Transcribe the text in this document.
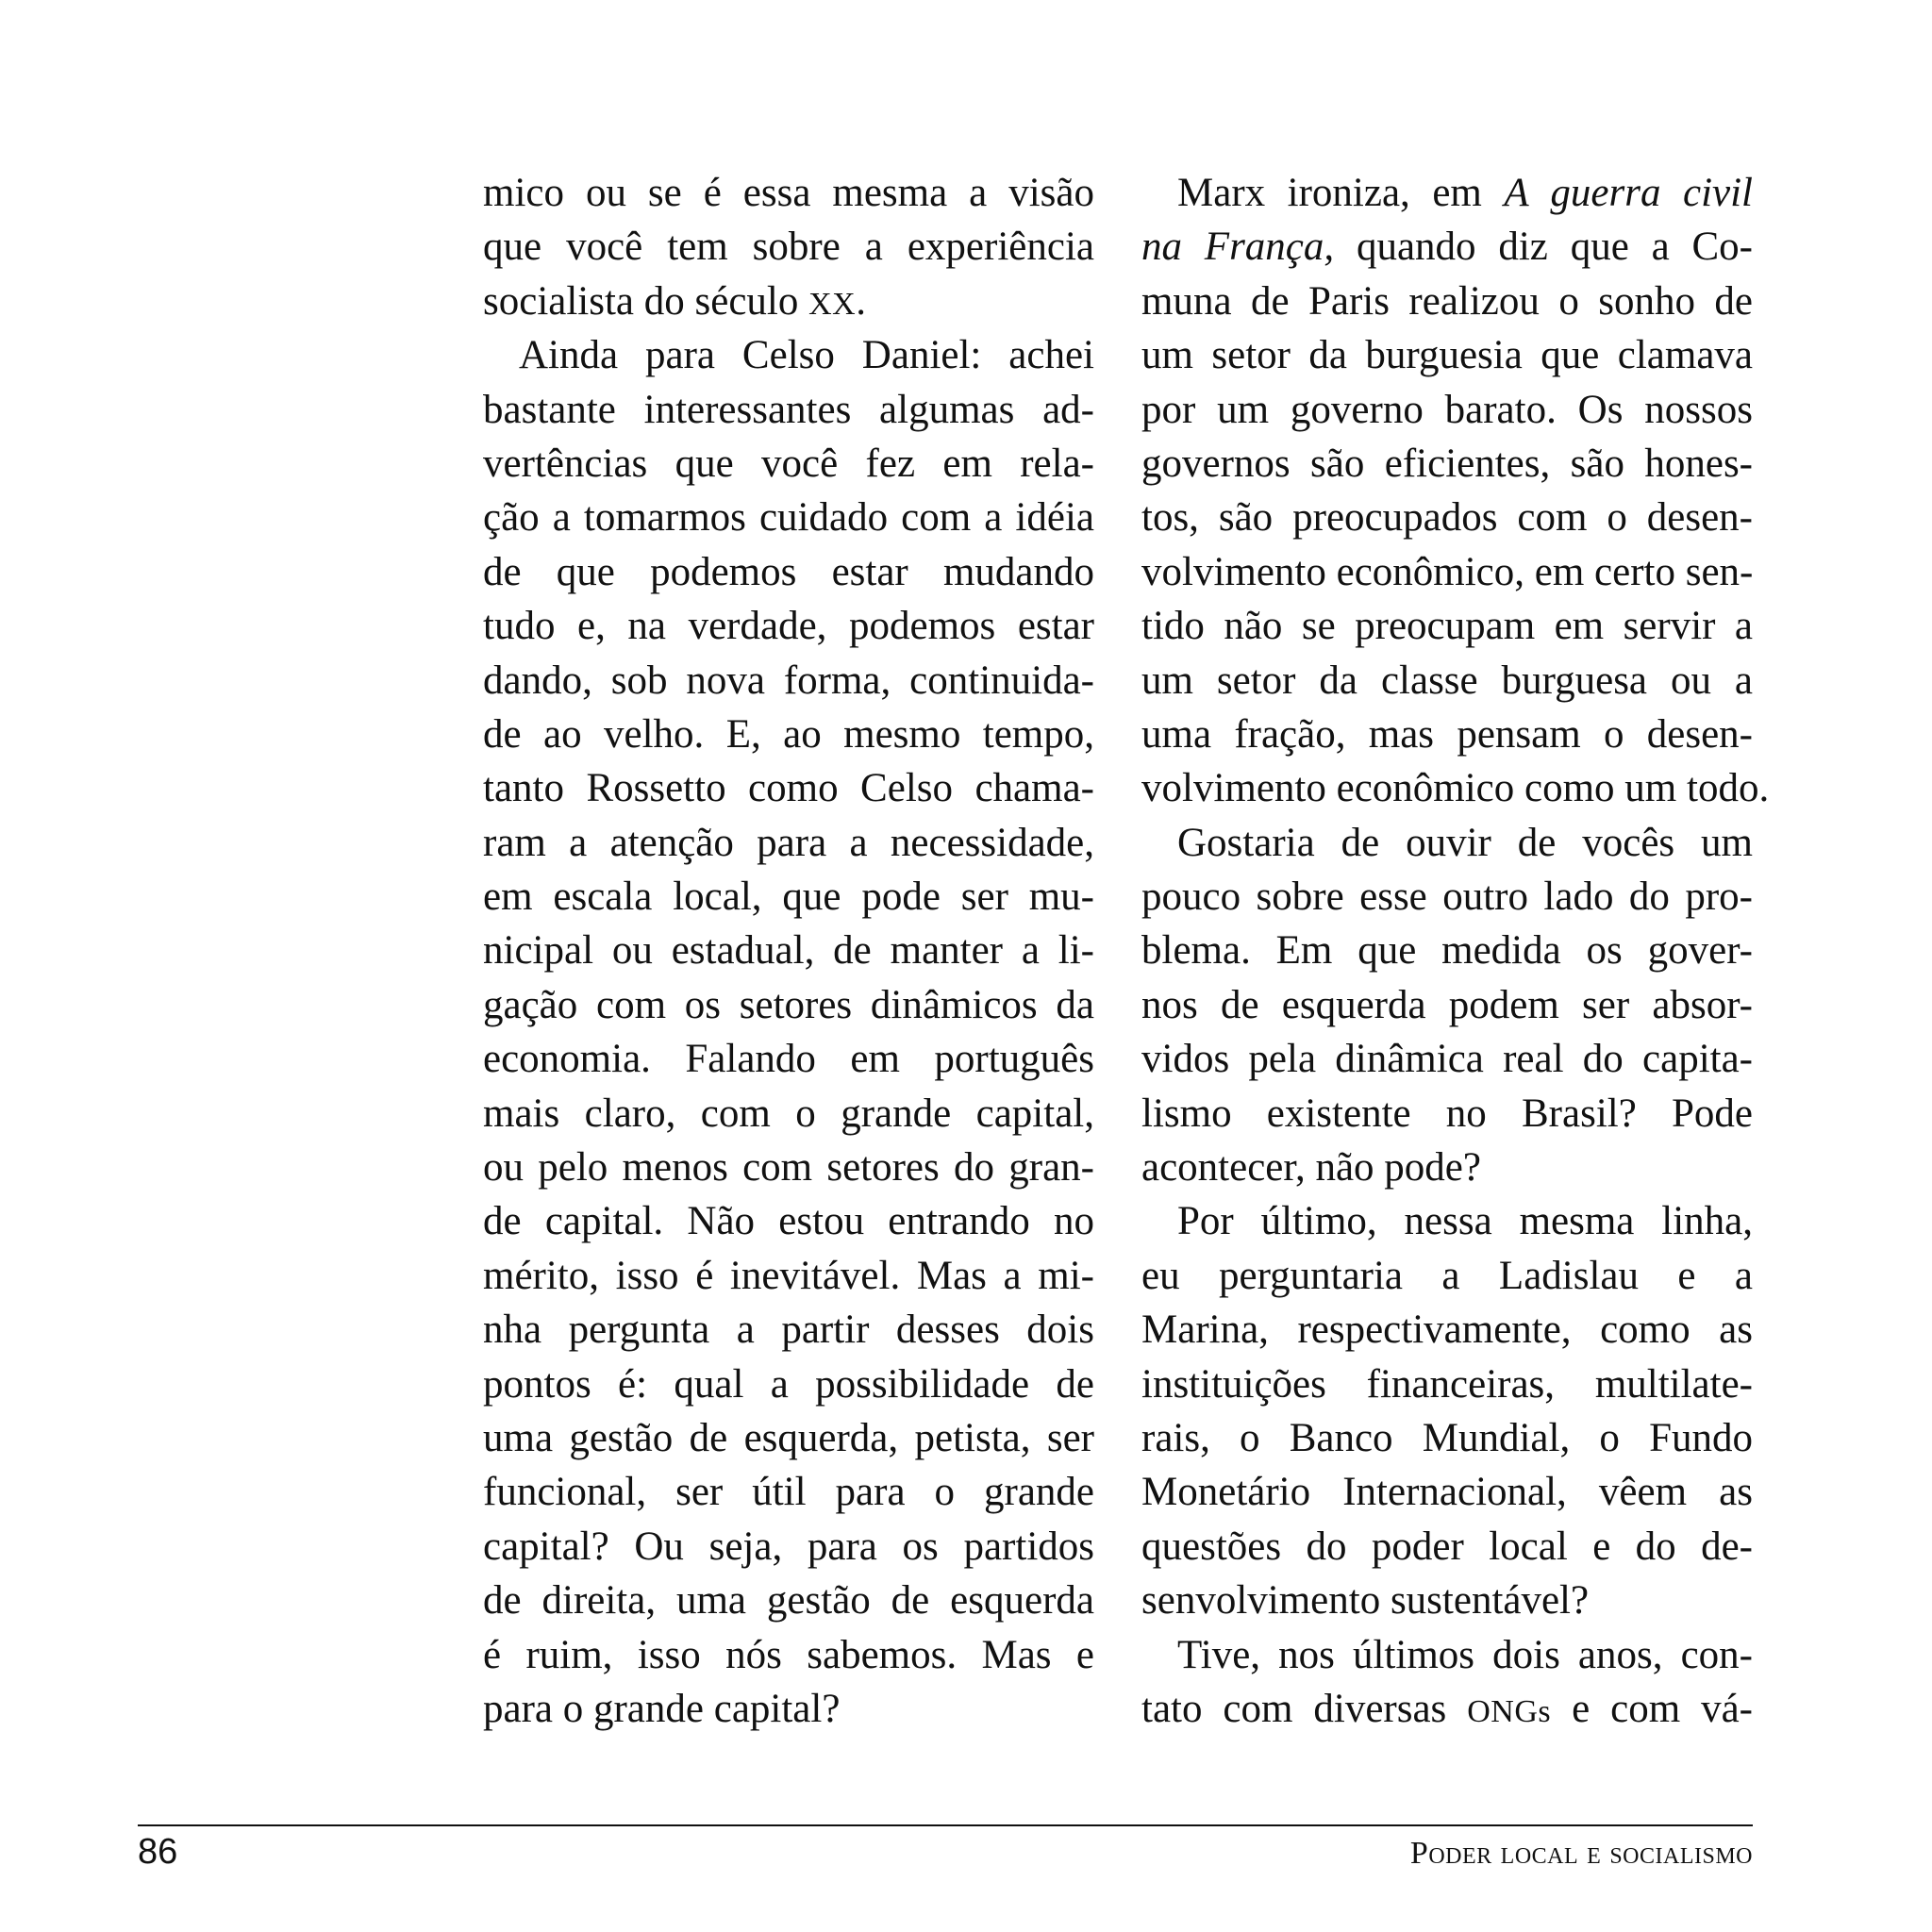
mico ou se é essa mesma a visão
que você tem sobre a experiência
socialista do século XX.
Ainda para Celso Daniel: achei
bastante interessantes algumas ad-
vertências que você fez em rela-
ção a tomarmos cuidado com a idéia
de que podemos estar mudando
tudo e, na verdade, podemos estar
dando, sob nova forma, continuida-
de ao velho. E, ao mesmo tempo,
tanto Rossetto como Celso chama-
ram a atenção para a necessidade,
em escala local, que pode ser mu-
nicipal ou estadual, de manter a li-
gação com os setores dinâmicos da
economia. Falando em português
mais claro, com o grande capital,
ou pelo menos com setores do gran-
de capital. Não estou entrando no
mérito, isso é inevitável. Mas a mi-
nha pergunta a partir desses dois
pontos é: qual a possibilidade de
uma gestão de esquerda, petista, ser
funcional, ser útil para o grande
capital? Ou seja, para os partidos
de direita, uma gestão de esquerda
é ruim, isso nós sabemos. Mas e
para o grande capital?
Marx ironiza, em A guerra civil
na França, quando diz que a Co-
muna de Paris realizou o sonho de
um setor da burguesia que clamava
por um governo barato. Os nossos
governos são eficientes, são hones-
tos, são preocupados com o desen-
volvimento econômico, em certo sen-
tido não se preocupam em servir a
um setor da classe burguesa ou a
uma fração, mas pensam o desen-
volvimento econômico como um todo.
Gostaria de ouvir de vocês um
pouco sobre esse outro lado do pro-
blema. Em que medida os gover-
nos de esquerda podem ser absor-
vidos pela dinâmica real do capita-
lismo existente no Brasil? Pode
acontecer, não pode?
Por último, nessa mesma linha,
eu perguntaria a Ladislau e a
Marina, respectivamente, como as
instituições financeiras, multilate-
rais, o Banco Mundial, o Fundo
Monetário Internacional, vêem as
questões do poder local e do de-
senvolvimento sustentável?
Tive, nos últimos dois anos, con-
tato com diversas ONGs e com vá-
86	Poder local e socialismo
